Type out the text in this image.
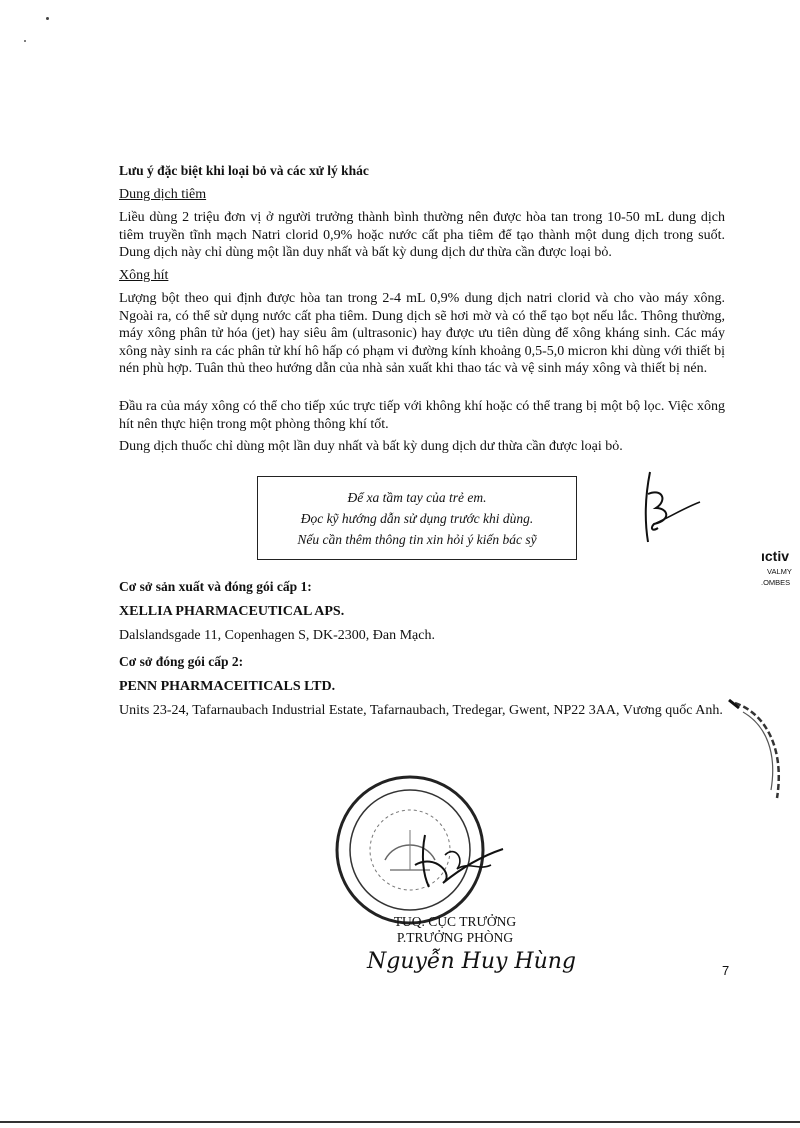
Lưu ý đặc biệt khi loại bỏ và các xử lý khác
Dung dịch tiêm
Liều dùng 2 triệu đơn vị ở người trưởng thành bình thường nên được hòa tan trong 10-50 mL dung dịch tiêm truyền tĩnh mạch Natri clorid 0,9% hoặc nước cất pha tiêm để tạo thành một dung dịch trong suốt. Dung dịch này chỉ dùng một lần duy nhất và bất kỳ dung dịch dư thừa cần được loại bỏ.
Xông hít
Lượng bột theo qui định được hòa tan trong 2-4 mL 0,9% dung dịch natri clorid và cho vào máy xông. Ngoài ra, có thể sử dụng nước cất pha tiêm. Dung dịch sẽ hơi mờ và có thể tạo bọt nếu lắc. Thông thường, máy xông phân tử hóa (jet) hay siêu âm (ultrasonic) hay được ưu tiên dùng để xông kháng sinh. Các máy xông này sinh ra các phân tử khí hô hấp có phạm vi đường kính khoảng 0,5-5,0 micron khi dùng với thiết bị nén phù hợp. Tuân thủ theo hướng dẫn của nhà sản xuất khi thao tác và vệ sinh máy xông và thiết bị nén.
Đầu ra của máy xông có thể cho tiếp xúc trực tiếp với không khí hoặc có thể trang bị một bộ lọc. Việc xông hít nên thực hiện trong một phòng thông khí tốt.
Dung dịch thuốc chỉ dùng một lần duy nhất và bất kỳ dung dịch dư thừa cần được loại bỏ.
Để xa tầm tay của trẻ em.
Đọc kỹ hướng dẫn sử dụng trước khi dùng.
Nếu cần thêm thông tin xin hỏi ý kiến bác sỹ
ıctiv
VALMY
.OMBES
Cơ sở sản xuất và đóng gói cấp 1:
XELLIA PHARMACEUTICAL APS.
Dalslandsgade 11, Copenhagen S, DK-2300, Đan Mạch.
Cơ sở đóng gói cấp 2:
PENN PHARMACEITICALS LTD.
Units 23-24, Tafarnaubach Industrial Estate, Tafarnaubach, Tredegar, Gwent, NP22 3AA, Vương quốc Anh.
TUQ. CỤC TRƯỞNG
P.TRƯỞNG PHÒNG
Nguyễn Huy Hùng	7
